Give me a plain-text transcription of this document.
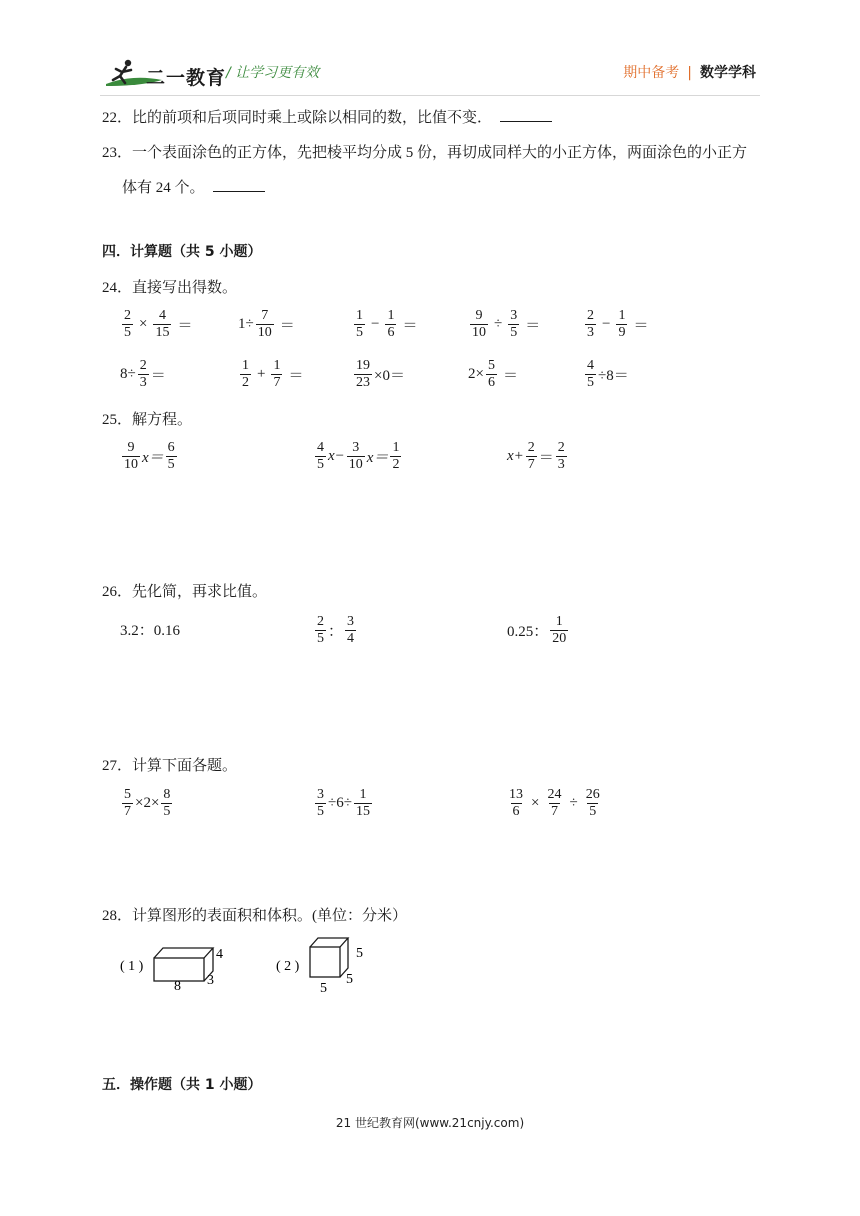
二一教育 / 让学习更有效	期中备考 | 数学学科
22．比的前项和后项同时乘上或除以相同的数，比值不变．
23．一个表面涂色的正方体，先把棱平均分成 5 份，再切成同样大的小正方体，两面涂色的小正方
体有 24 个。
四．计算题（共 5 小题）
24．直接写出得数。
$\frac{2}{5} \times \frac{4}{15}$ ＝	$1\div \frac{7}{10}$ ＝	$\frac{1}{5} - \frac{1}{6}$ ＝	$\frac{9}{10} \div \frac{3}{5}$ ＝	$\frac{2}{3} - \frac{1}{9}$ ＝
$8\div \frac{2}{3}$ ＝	$\frac{1}{2} + \frac{1}{7}$ ＝	$\frac{19}{23} \times 0=$	$2\times \frac{5}{6}$ ＝	$\frac{4}{5} \div 8=$
25．解方程。
$\frac{9}{10} x= \frac{6}{5}$	$\frac{4}{5} x- \frac{3}{10} x= \frac{1}{2}$	$x+ \frac{2}{7} = \frac{2}{3}$
26．先化简，再求比值。
3.2：0.16	$\frac{2}{5}$ ： $\frac{3}{4}$	0.25： $\frac{1}{20}$
27．计算下面各题。
$\frac{5}{7} \times 2\times \frac{8}{5}$	$\frac{3}{5} \div 6\div \frac{1}{15}$	$\frac{13}{6} \times \frac{24}{7} \div \frac{26}{5}$
28．计算图形的表面积和体积。(单位：分米）
( 1 )
4
8 3
( 2 )
5
5
5
五．操作题（共 1 小题）
21 世纪教育网(www.21cnjy.com)
